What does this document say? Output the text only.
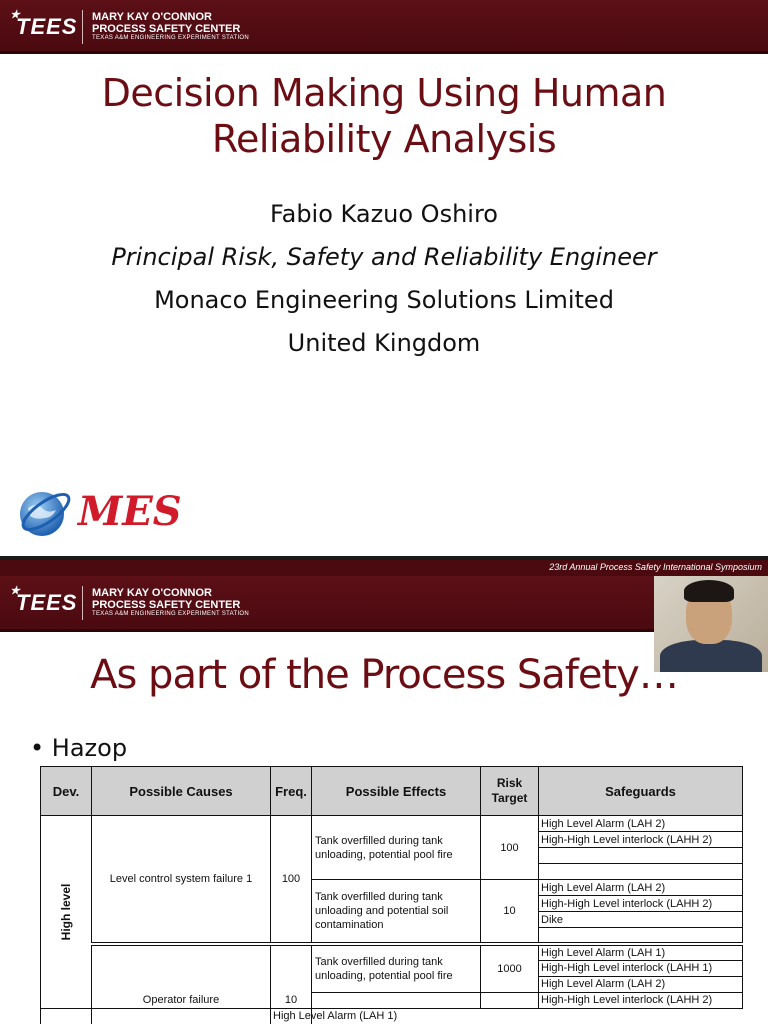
★
TEES MARY KAY O'CONNOR
PROCESS SAFETY CENTER
TEXAS A&M ENGINEERING EXPERIMENT STATION
Decision Making Using Human
Reliability Analysis
Fabio Kazuo Oshiro
Principal Risk, Safety and Reliability Engineer
Monaco Engineering Solutions Limited
United Kingdom
MES
23rd Annual Process Safety International Symposium
★
TEES MARY KAY O'CONNOR
PROCESS SAFETY CENTER
TEXAS A&M ENGINEERING EXPERIMENT STATION
As part of the Process Safety…
• Hazop
Dev.	Possible Causes	Freq.	Possible Effects	Risk Target	Safeguards

High level	Level control system failure 1	100	Tank overfilled during tank unloading, potential pool fire	100	High Level Alarm (LAH 2)
					High-High Level interlock (LAHH 2)

			Tank overfilled during tank unloading and potential soil contamination	10	High Level Alarm (LAH 2)
					High-High Level interlock (LAHH 2)
					Dike

	Operator failure	10	Tank overfilled during tank unloading, potential pool fire	1000	High Level Alarm (LAH 1)
					High-High Level interlock (LAHH 1)
					High Level Alarm (LAH 2)
					High-High Level interlock (LAHH 2)
		High Level Alarm (LAH 1)			
